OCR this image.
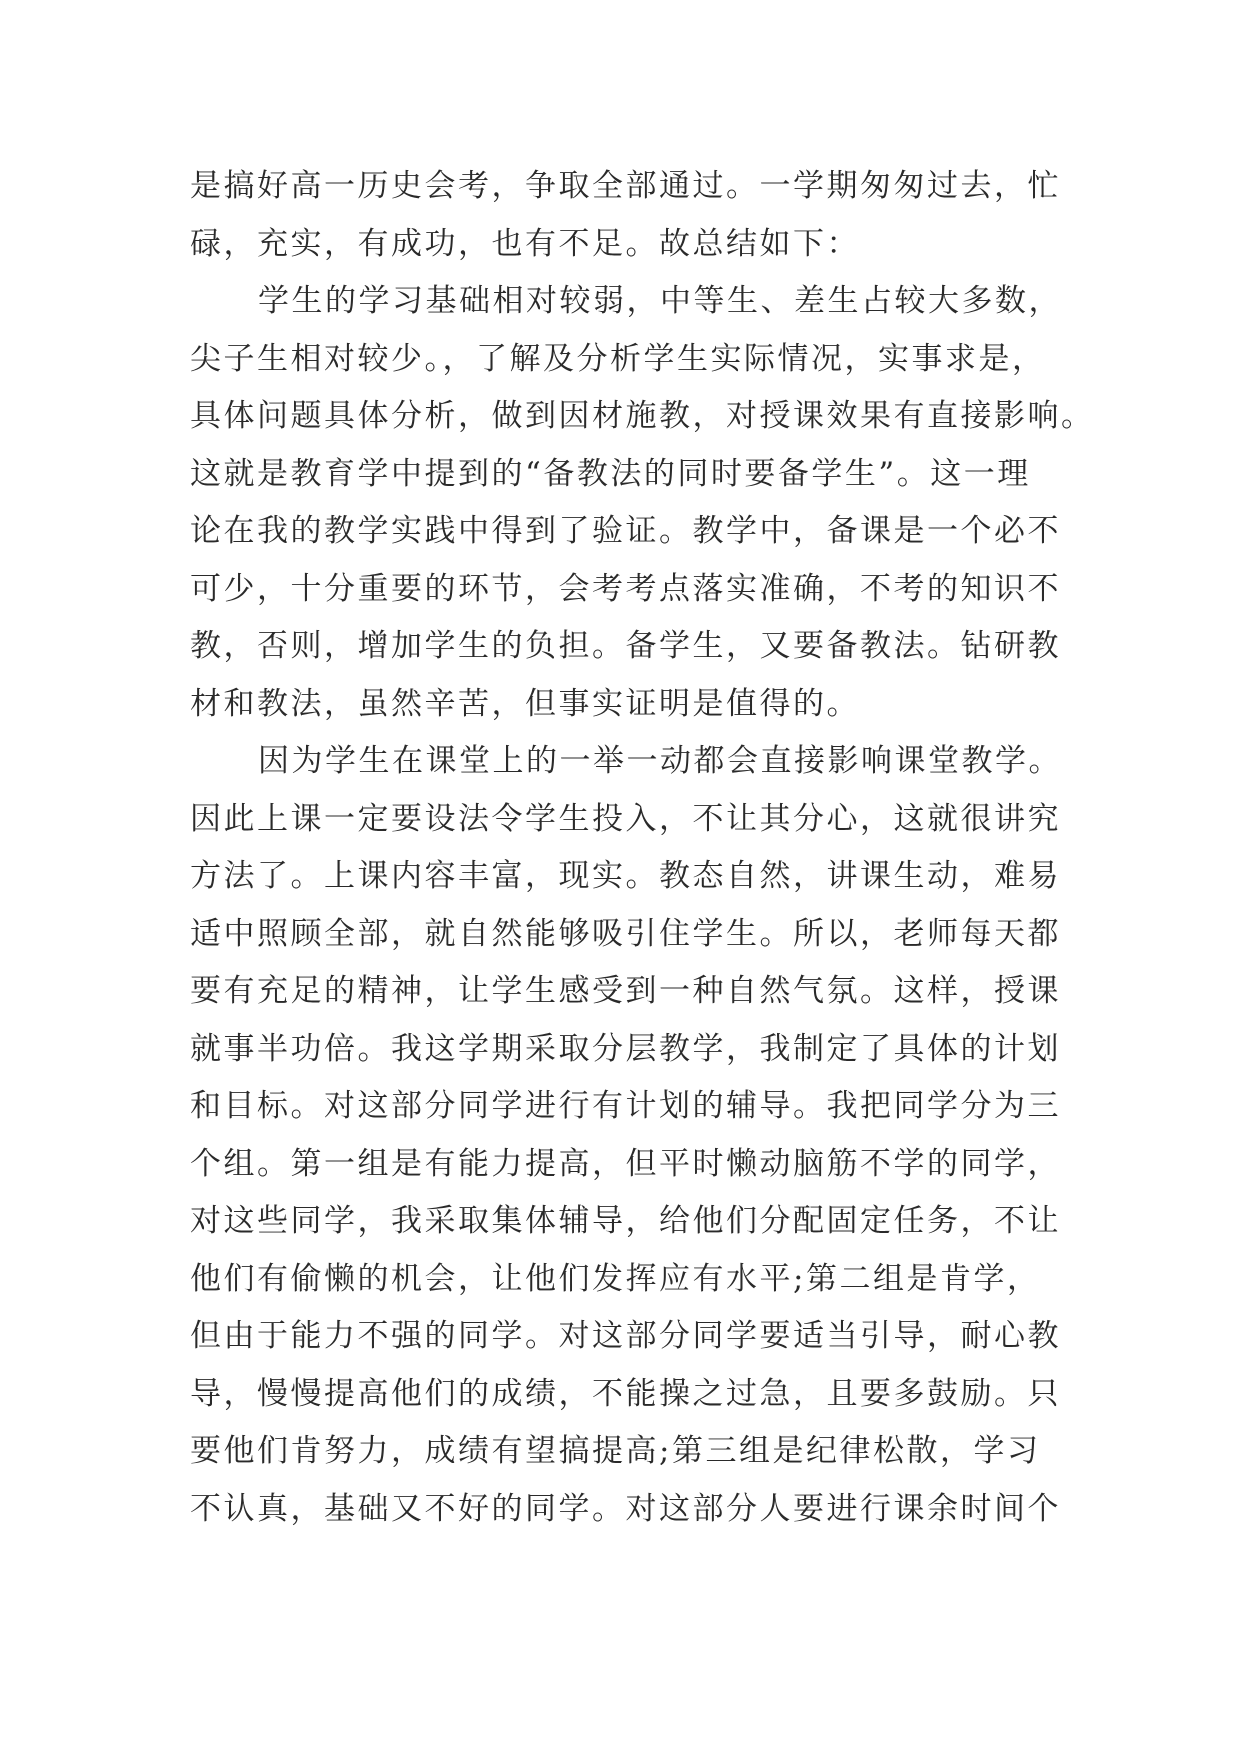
是搞好高一历史会考，争取全部通过。一学期匆匆过去，忙
碌，充实，有成功，也有不足。故总结如下：
学生的学习基础相对较弱，中等生、差生占较大多数，
尖子生相对较少。，了解及分析学生实际情况，实事求是，
具体问题具体分析，做到因材施教，对授课效果有直接影响。
这就是教育学中提到的“备教法的同时要备学生”。这一理
论在我的教学实践中得到了验证。教学中，备课是一个必不
可少，十分重要的环节，会考考点落实准确，不考的知识不
教，否则，增加学生的负担。备学生，又要备教法。钻研教
材和教法，虽然辛苦，但事实证明是值得的。
因为学生在课堂上的一举一动都会直接影响课堂教学。
因此上课一定要设法令学生投入，不让其分心，这就很讲究
方法了。上课内容丰富，现实。教态自然，讲课生动，难易
适中照顾全部，就自然能够吸引住学生。所以，老师每天都
要有充足的精神，让学生感受到一种自然气氛。这样，授课
就事半功倍。我这学期采取分层教学，我制定了具体的计划
和目标。对这部分同学进行有计划的辅导。我把同学分为三
个组。第一组是有能力提高，但平时懒动脑筋不学的同学，
对这些同学，我采取集体辅导，给他们分配固定任务，不让
他们有偷懒的机会，让他们发挥应有水平;第二组是肯学，
但由于能力不强的同学。对这部分同学要适当引导，耐心教
导，慢慢提高他们的成绩，不能操之过急，且要多鼓励。只
要他们肯努力，成绩有望搞提高;第三组是纪律松散，学习
不认真，基础又不好的同学。对这部分人要进行课余时间个
